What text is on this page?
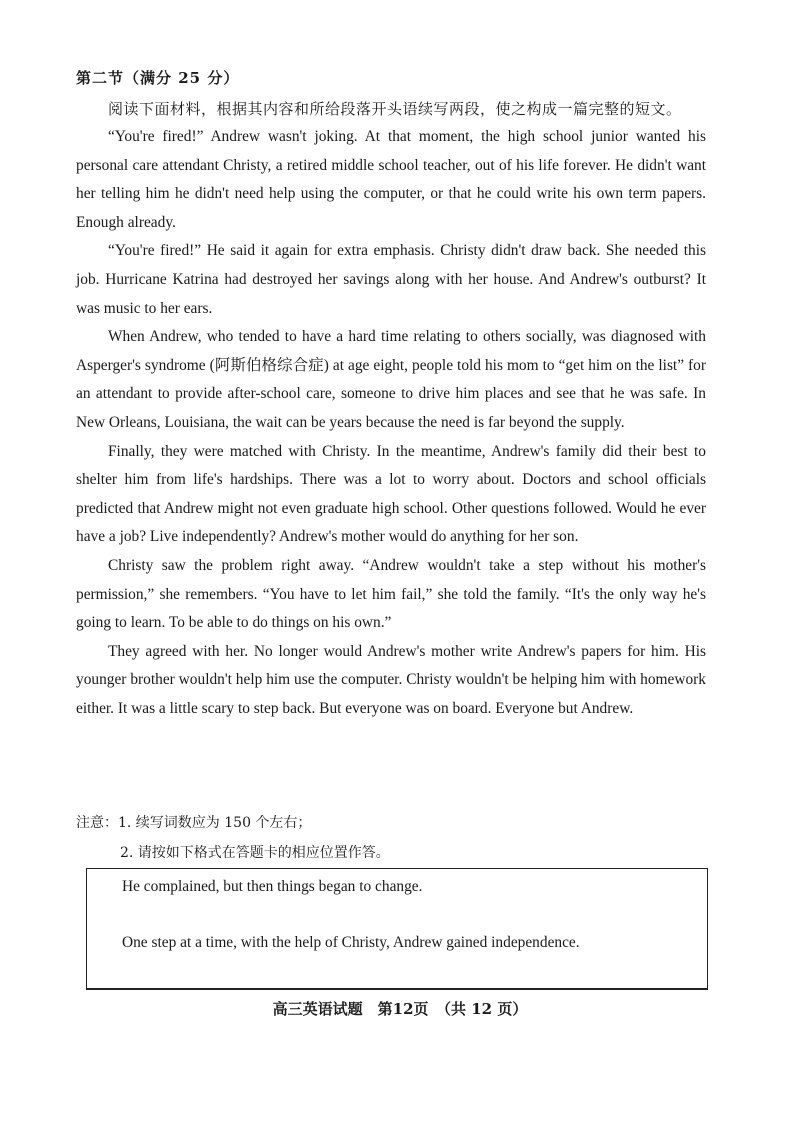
第二节（满分 25 分）
阅读下面材料，根据其内容和所给段落开头语续写两段，使之构成一篇完整的短文。

“You're fired!” Andrew wasn't joking. At that moment, the high school junior wanted his personal care attendant Christy, a retired middle school teacher, out of his life forever. He didn't want her telling him he didn't need help using the computer, or that he could write his own term papers. Enough already.

“You're fired!” He said it again for extra emphasis. Christy didn't draw back. She needed this job. Hurricane Katrina had destroyed her savings along with her house. And Andrew's outburst? It was music to her ears.

When Andrew, who tended to have a hard time relating to others socially, was diagnosed with Asperger's syndrome (阿斯伯格综合症) at age eight, people told his mom to “get him on the list” for an attendant to provide after-school care, someone to drive him places and see that he was safe. In New Orleans, Louisiana, the wait can be years because the need is far beyond the supply.

Finally, they were matched with Christy. In the meantime, Andrew's family did their best to shelter him from life's hardships. There was a lot to worry about. Doctors and school officials predicted that Andrew might not even graduate high school. Other questions followed. Would he ever have a job? Live independently? Andrew's mother would do anything for her son.

Christy saw the problem right away. “Andrew wouldn't take a step without his mother's permission,” she remembers. “You have to let him fail,” she told the family. “It's the only way he's going to learn. To be able to do things on his own.”

They agreed with her. No longer would Andrew's mother write Andrew's papers for him. His younger brother wouldn't help him use the computer. Christy wouldn't be helping him with homework either. It was a little scary to step back. But everyone was on board. Everyone but Andrew.

注意：1. 续写词数应为 150 个左右；
2. 请按如下格式在答题卡的相应位置作答。
He complained, but then things began to change.
One step at a time, with the help of Christy, Andrew gained independence.
高三英语试题　第12页　（共 12 页）
